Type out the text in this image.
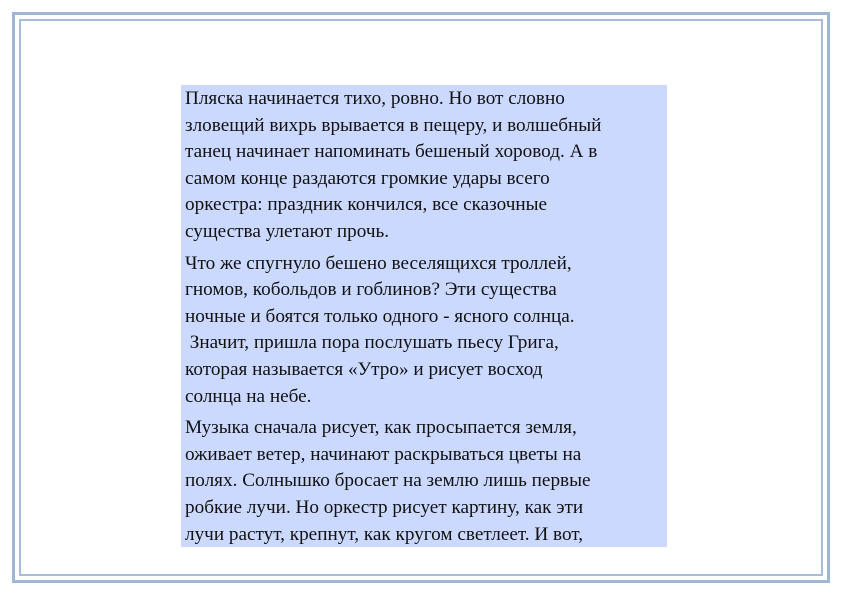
Пляска начинается тихо, ровно. Но вот словно
зловещий вихрь врывается в пещеру, и волшебный
танец начинает напоминать бешеный хоровод. А в
самом конце раздаются громкие удары всего
оркестра: праздник кончился, все сказочные
существа улетают прочь.

Что же спугнуло бешено веселящихся троллей,
гномов, кобольдов и гоблинов? Эти существа
ночные и боятся только одного - ясного солнца.
Значит, пришла пора послушать пьесу Грига,
которая называется «Утро» и рисует восход
солнца на небе.

Музыка сначала рисует, как просыпается земля,
оживает ветер, начинают раскрываться цветы на
полях. Солнышко бросает на землю лишь первые
робкие лучи. Но оркестр рисует картину, как эти
лучи растут, крепнут, как кругом светлеет. И вот,
